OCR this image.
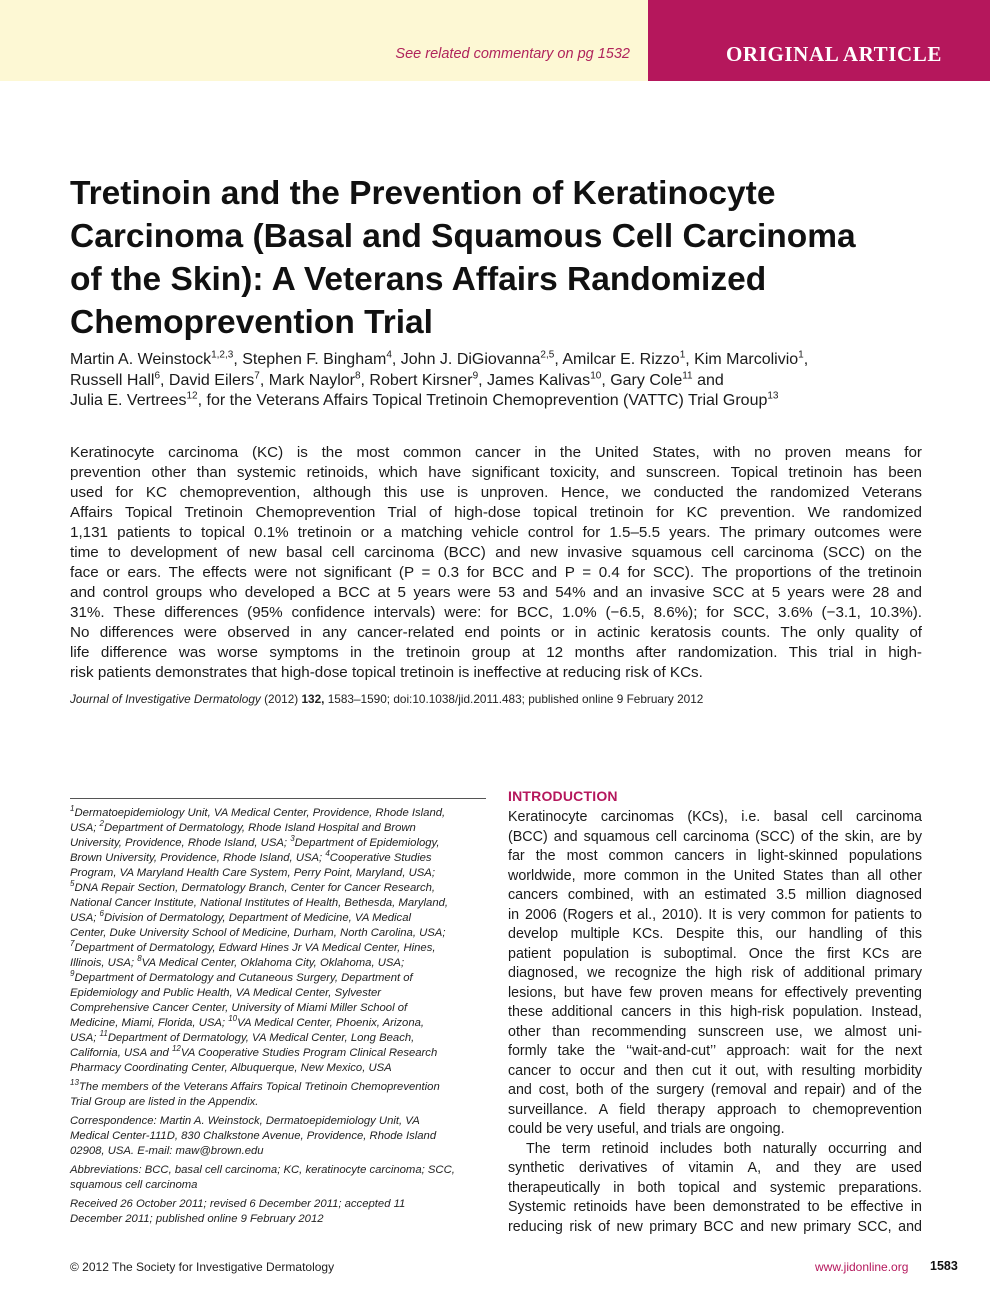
See related commentary on pg 1532	ORIGINAL ARTICLE
Tretinoin and the Prevention of Keratinocyte
Carcinoma (Basal and Squamous Cell Carcinoma
of the Skin): A Veterans Affairs Randomized
Chemoprevention Trial
Martin A. Weinstock$^{1,2,3}$, Stephen F. Bingham$^4$, John J. DiGiovanna$^{2,5}$, Amilcar E. Rizzo$^1$, Kim Marcolivio$^1$,
Russell Hall$^6$, David Eilers$^7$, Mark Naylor$^8$, Robert Kirsner$^9$, James Kalivas$^{10}$, Gary Cole$^{11}$ and
Julia E. Vertrees$^{12}$, for the Veterans Affairs Topical Tretinoin Chemoprevention (VATTC) Trial Group$^{13}$
Keratinocyte carcinoma (KC) is the most common cancer in the United States, with no proven means for
prevention other than systemic retinoids, which have significant toxicity, and sunscreen. Topical tretinoin has been
used for KC chemoprevention, although this use is unproven. Hence, we conducted the randomized Veterans
Affairs Topical Tretinoin Chemoprevention Trial of high-dose topical tretinoin for KC prevention. We randomized
1,131 patients to topical 0.1% tretinoin or a matching vehicle control for 1.5–5.5 years. The primary outcomes were
time to development of new basal cell carcinoma (BCC) and new invasive squamous cell carcinoma (SCC) on the
face or ears. The effects were not significant (P = 0.3 for BCC and P = 0.4 for SCC). The proportions of the tretinoin
and control groups who developed a BCC at 5 years were 53 and 54% and an invasive SCC at 5 years were 28 and
31%. These differences (95% confidence intervals) were: for BCC, 1.0% (−6.5, 8.6%); for SCC, 3.6% (−3.1, 10.3%).
No differences were observed in any cancer-related end points or in actinic keratosis counts. The only quality of
life difference was worse symptoms in the tretinoin group at 12 months after randomization. This trial in high-
risk patients demonstrates that high-dose topical tretinoin is ineffective at reducing risk of KCs.
Journal of Investigative Dermatology (2012) 132, 1583–1590; doi:10.1038/jid.2011.483; published online 9 February 2012
$^1$Dermatoepidemiology Unit, VA Medical Center, Providence, Rhode Island,
USA; $^2$Department of Dermatology, Rhode Island Hospital and Brown
University, Providence, Rhode Island, USA; $^3$Department of Epidemiology,
Brown University, Providence, Rhode Island, USA; $^4$Cooperative Studies
Program, VA Maryland Health Care System, Perry Point, Maryland, USA;
$^5$DNA Repair Section, Dermatology Branch, Center for Cancer Research,
National Cancer Institute, National Institutes of Health, Bethesda, Maryland,
USA; $^6$Division of Dermatology, Department of Medicine, VA Medical
Center, Duke University School of Medicine, Durham, North Carolina, USA;
$^7$Department of Dermatology, Edward Hines Jr VA Medical Center, Hines,
Illinois, USA; $^8$VA Medical Center, Oklahoma City, Oklahoma, USA;
$^9$Department of Dermatology and Cutaneous Surgery, Department of
Epidemiology and Public Health, VA Medical Center, Sylvester
Comprehensive Cancer Center, University of Miami Miller School of
Medicine, Miami, Florida, USA; $^{10}$VA Medical Center, Phoenix, Arizona,
USA; $^{11}$Department of Dermatology, VA Medical Center, Long Beach,
California, USA and $^{12}$VA Cooperative Studies Program Clinical Research
Pharmacy Coordinating Center, Albuquerque, New Mexico, USA
$^{13}$The members of the Veterans Affairs Topical Tretinoin Chemoprevention
Trial Group are listed in the Appendix.
Correspondence: Martin A. Weinstock, Dermatoepidemiology Unit, VA
Medical Center-111D, 830 Chalkstone Avenue, Providence, Rhode Island
02908, USA. E-mail: maw@brown.edu
Abbreviations: BCC, basal cell carcinoma; KC, keratinocyte carcinoma; SCC,
squamous cell carcinoma
Received 26 October 2011; revised 6 December 2011; accepted 11
December 2011; published online 9 February 2012
INTRODUCTION
Keratinocyte carcinomas (KCs), i.e. basal cell carcinoma
(BCC) and squamous cell carcinoma (SCC) of the skin, are by
far the most common cancers in light-skinned populations
worldwide, more common in the United States than all other
cancers combined, with an estimated 3.5 million diagnosed
in 2006 (Rogers et al., 2010). It is very common for patients to
develop multiple KCs. Despite this, our handling of this
patient population is suboptimal. Once the first KCs are
diagnosed, we recognize the high risk of additional primary
lesions, but have few proven means for effectively preventing
these additional cancers in this high-risk population. Instead,
other than recommending sunscreen use, we almost uni-
formly take the ‘‘wait-and-cut’’ approach: wait for the next
cancer to occur and then cut it out, with resulting morbidity
and cost, both of the surgery (removal and repair) and of the
surveillance. A field therapy approach to chemoprevention
could be very useful, and trials are ongoing.
The term retinoid includes both naturally occurring and
synthetic derivatives of vitamin A, and they are used
therapeutically in both topical and systemic preparations.
Systemic retinoids have been demonstrated to be effective in
reducing risk of new primary BCC and new primary SCC, and
© 2012 The Society for Investigative Dermatology	www.jidonline.org 1583
